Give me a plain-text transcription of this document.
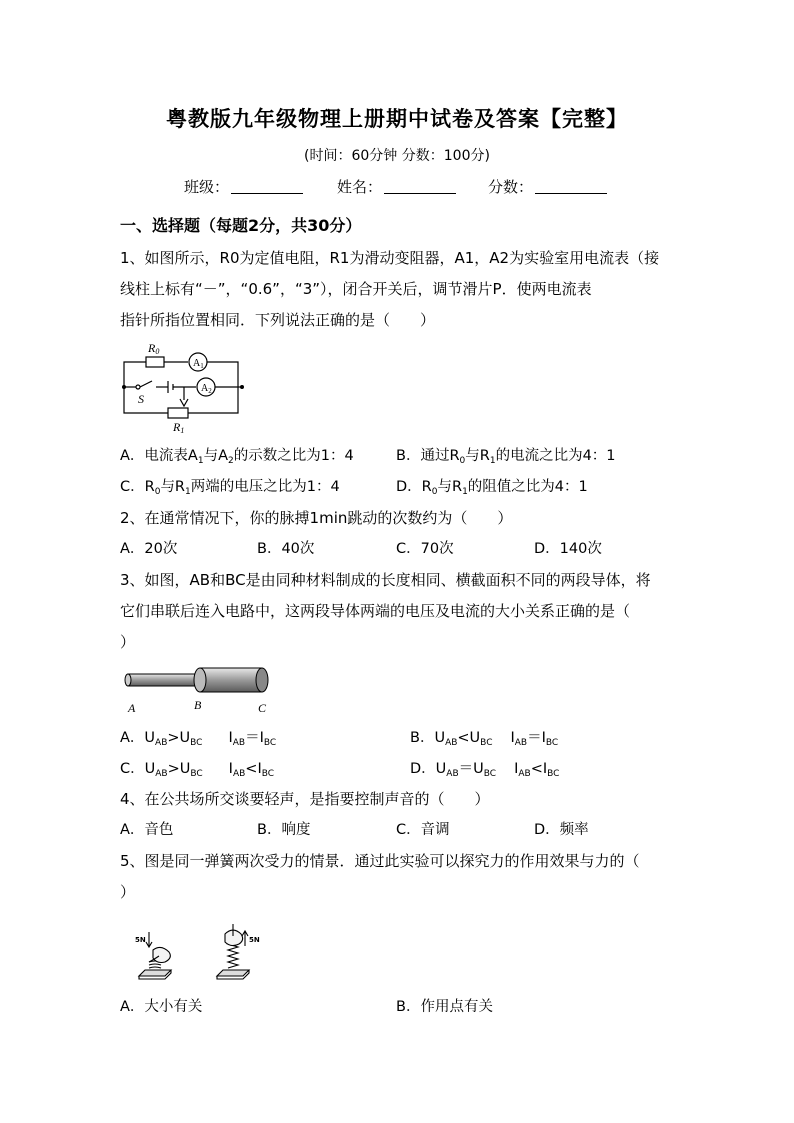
粤教版九年级物理上册期中试卷及答案【完整】
(时间：60分钟 分数：100分)
班级：	姓名：	分数：
一、选择题（每题2分，共30分）
1、如图所示，R0为定值电阻，R1为滑动变阻器，A1，A2为实验室用电流表（接
线柱上标有“－”，“0.6”，“3”），闭合开关后，调节滑片P．使两电流表
指针所指位置相同．下列说法正确的是（　　）
R0
$A_1$
$A_2$
S
R1
A．电流表$A_1$与$A_2$的示数之比为1：4	B．通过$R_0$与$R_1$的电流之比为4：1
C．$R_0$与$R_1$两端的电压之比为1：4	D．$R_0$与$R_1$的阻值之比为4：1
2、在通常情况下，你的脉搏1min跳动的次数约为（　　）
A．20次	B．40次	C．70次	D．140次
3、如图，AB和BC是由同种材料制成的长度相同、横截面积不同的两段导体，将
它们串联后连入电路中，这两段导体两端的电压及电流的大小关系正确的是（
）
A	B	C
A．$U_{AB}>U_{BC}$ $I_{AB}=I_{BC}$	B．$U_{AB}<U_{BC}$ $I_{AB}=I_{BC}$
C．$U_{AB}>U_{BC}$ $I_{AB}<I_{BC}$	D．$U_{AB}=U_{BC}$ $I_{AB}<I_{BC}$
4、在公共场所交谈要轻声，是指要控制声音的（　　）
A．音色	B．响度	C．音调	D．频率
5、图是同一弹簧两次受力的情景．通过此实验可以探究力的作用效果与力的（
）
5N	5N
A．大小有关	B．作用点有关
